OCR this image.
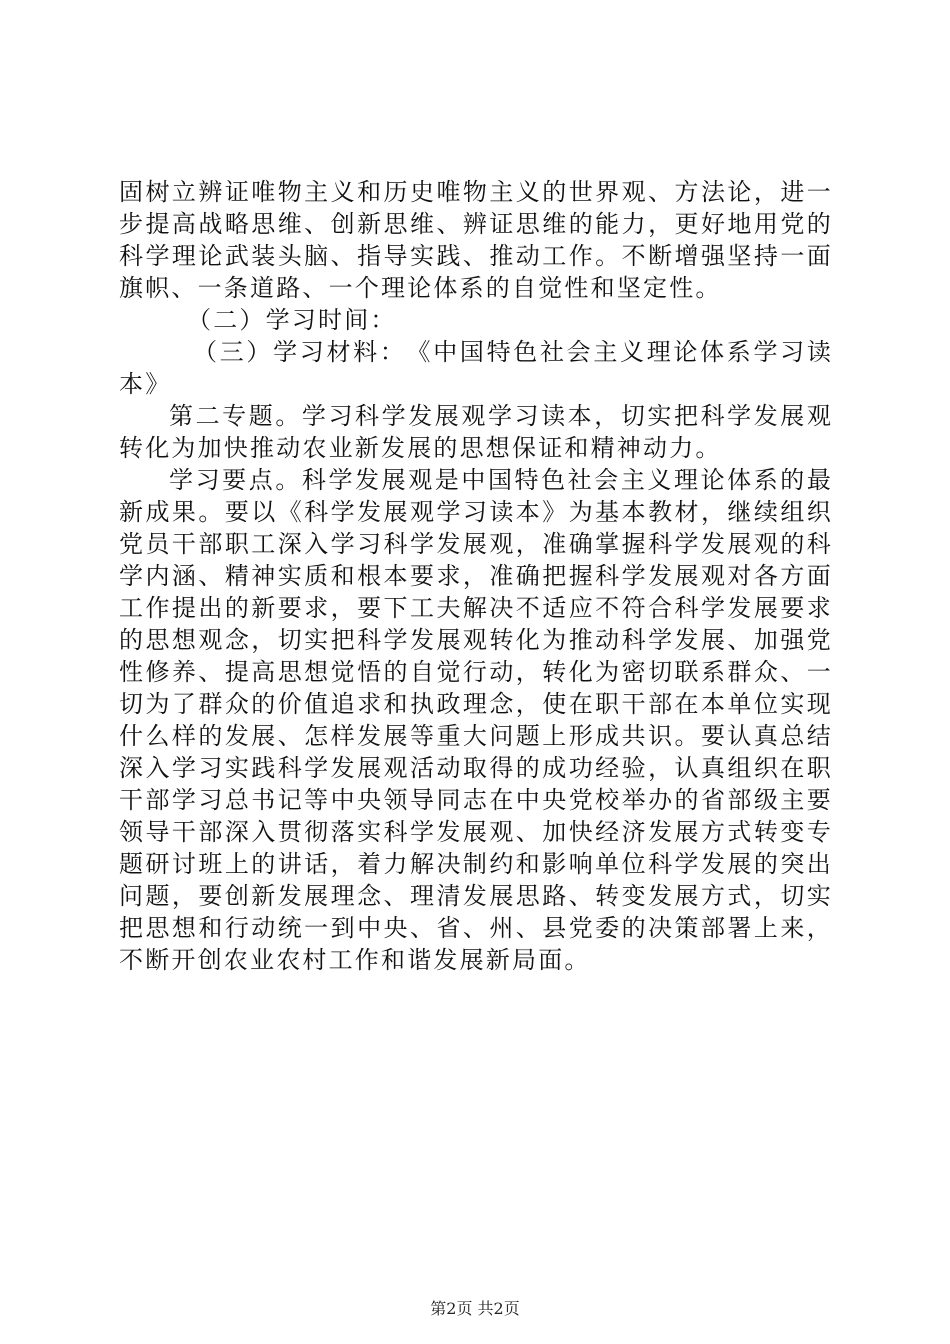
固 树 立 辨 证 唯 物 主 义 和 历 史 唯 物 主 义 的 世 界 观 、 方 法 论 ， 进 一
步 提 高 战 略 思 维 、 创 新 思 维 、 辨 证 思 维 的 能 力 ， 更 好 地 用 党 的
科 学 理 论 武 装 头 脑 、 指 导 实 践 、 推 动 工 作 。 不 断 增 强 坚 持 一 面
旗帜、一条道路、一个理论体系的自觉性和坚定性。
（二）学习时间：
（ 三 ） 学 习 材 料 ： 《 中 国 特 色 社 会 主 义 理 论 体 系 学 习 读
本》
第 二 专 题 。 学 习 科 学 发 展 观 学 习 读 本 ， 切 实 把 科 学 发 展 观
转化为加快推动农业新发展的思想保证和精神动力。
学 习 要 点 。 科 学 发 展 观 是 中 国 特 色 社 会 主 义 理 论 体 系 的 最
新 成 果 。 要 以 《 科 学 发 展 观 学 习 读 本 》 为 基 本 教 材 ， 继 续 组 织
党 员 干 部 职 工 深 入 学 习 科 学 发 展 观 ， 准 确 掌 握 科 学 发 展 观 的 科
学 内 涵 、 精 神 实 质 和 根 本 要 求 ， 准 确 把 握 科 学 发 展 观 对 各 方 面
工 作 提 出 的 新 要 求 ， 要 下 工 夫 解 决 不 适 应 不 符 合 科 学 发 展 要 求
的 思 想 观 念 ， 切 实 把 科 学 发 展 观 转 化 为 推 动 科 学 发 展 、 加 强 党
性 修 养 、 提 高 思 想 觉 悟 的 自 觉 行 动 ， 转 化 为 密 切 联 系 群 众 、 一
切 为 了 群 众 的 价 值 追 求 和 执 政 理 念 ， 使 在 职 干 部 在 本 单 位 实 现
什 么 样 的 发 展 、 怎 样 发 展 等 重 大 问 题 上 形 成 共 识 。 要 认 真 总 结
深 入 学 习 实 践 科 学 发 展 观 活 动 取 得 的 成 功 经 验 ， 认 真 组 织 在 职
干 部 学 习 总 书 记 等 中 央 领 导 同 志 在 中 央 党 校 举 办 的 省 部 级 主 要
领 导 干 部 深 入 贯 彻 落 实 科 学 发 展 观 、 加 快 经 济 发 展 方 式 转 变 专
题 研 讨 班 上 的 讲 话 ， 着 力 解 决 制 约 和 影 响 单 位 科 学 发 展 的 突 出
问 题 ， 要 创 新 发 展 理 念 、 理 清 发 展 思 路 、 转 变 发 展 方 式 ， 切 实
把 思 想 和 行 动 统 一 到 中 央 、 省 、 州 、 县 党 委 的 决 策 部 署 上 来 ，
不断开创农业农村工作和谐发展新局面。
第2页 共2页
